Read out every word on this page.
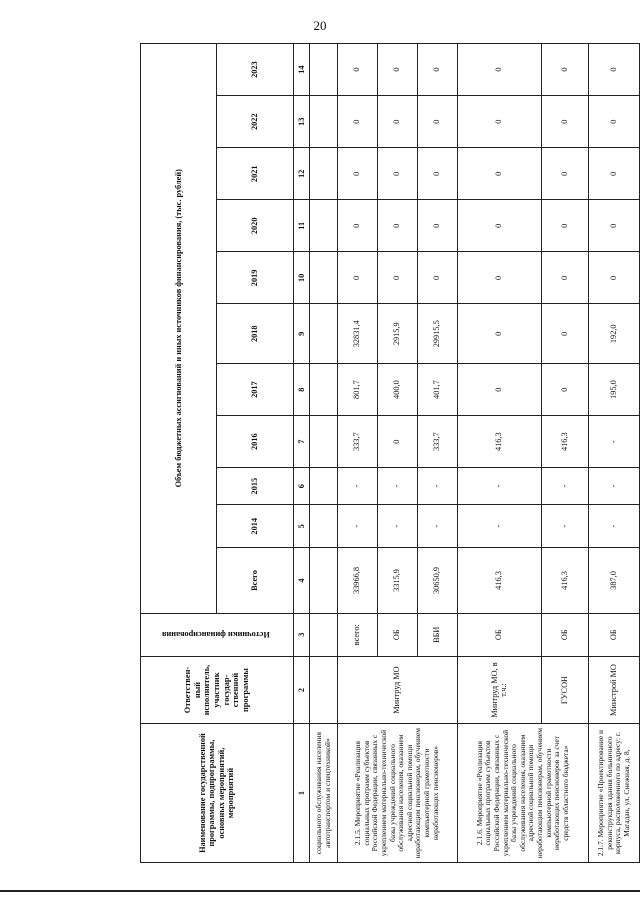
20
Наименование государственной программы, подпрограммы, основных мероприятий, мероприятий	Ответствен-ный исполнитель, участник государ-ственной программы	Источники финансирования	Объем бюджетных ассигнований и иных источников финансирования, (тыс. рублей)										
			Всего	2014	2015	2016	2017	2018	2019	2020	2021	2022	2023
1	2	3	4	5	6	7	8	9	10	11	12	13	14
социального обслуживания населения автотранспортом и спецтехникой»													
2.1.5. Мероприятие «Реализация социальных программ субъектов Российской Федерации, связанных с укреплением материально-технической базы учреждений социального обслуживания населения, оказанием адресной социальной помощи неработающим пенсионерам, обучением компьютерной грамотности неработающих пенсионеров»	Минтруд МО	всего:	33966,8	-	-	333,7	801,7	32831,4	0	0	0	0	0
		ОБ	3315,9	-	-	0	400,0	2915,9	0	0	0	0	0
		ВБИ	30650,9	-	-	333,7	401,7	29915,5	0	0	0	0	0
2.1.6. Мероприятие «Реализация социальных программ субъектов Российской Федерации, связанных с укреплением материально-технической базы учреждений социального обслуживания населения, оказанием адресной социальной помощи неработающим пенсионерам, обучением компьютерной грамотности неработающих пенсионеров за счет средств областного бюджета»	Минтруд МО, в т.ч.:	ОБ	416,3	-	-	416,3	0	0	0	0	0	0	0
	ГУСОН	ОБ	416,3	-	-	416,3	0	0	0	0	0	0	0
2.1.7. Мероприятие «Проектирование и реконструкция здания больничного корпуса, расположенного по адресу: г. Магадан, ул. Снежная, д. 8,	Минстрой МО	ОБ	387,0	-	-	-	195,0	192,0	0	0	0	0	0
